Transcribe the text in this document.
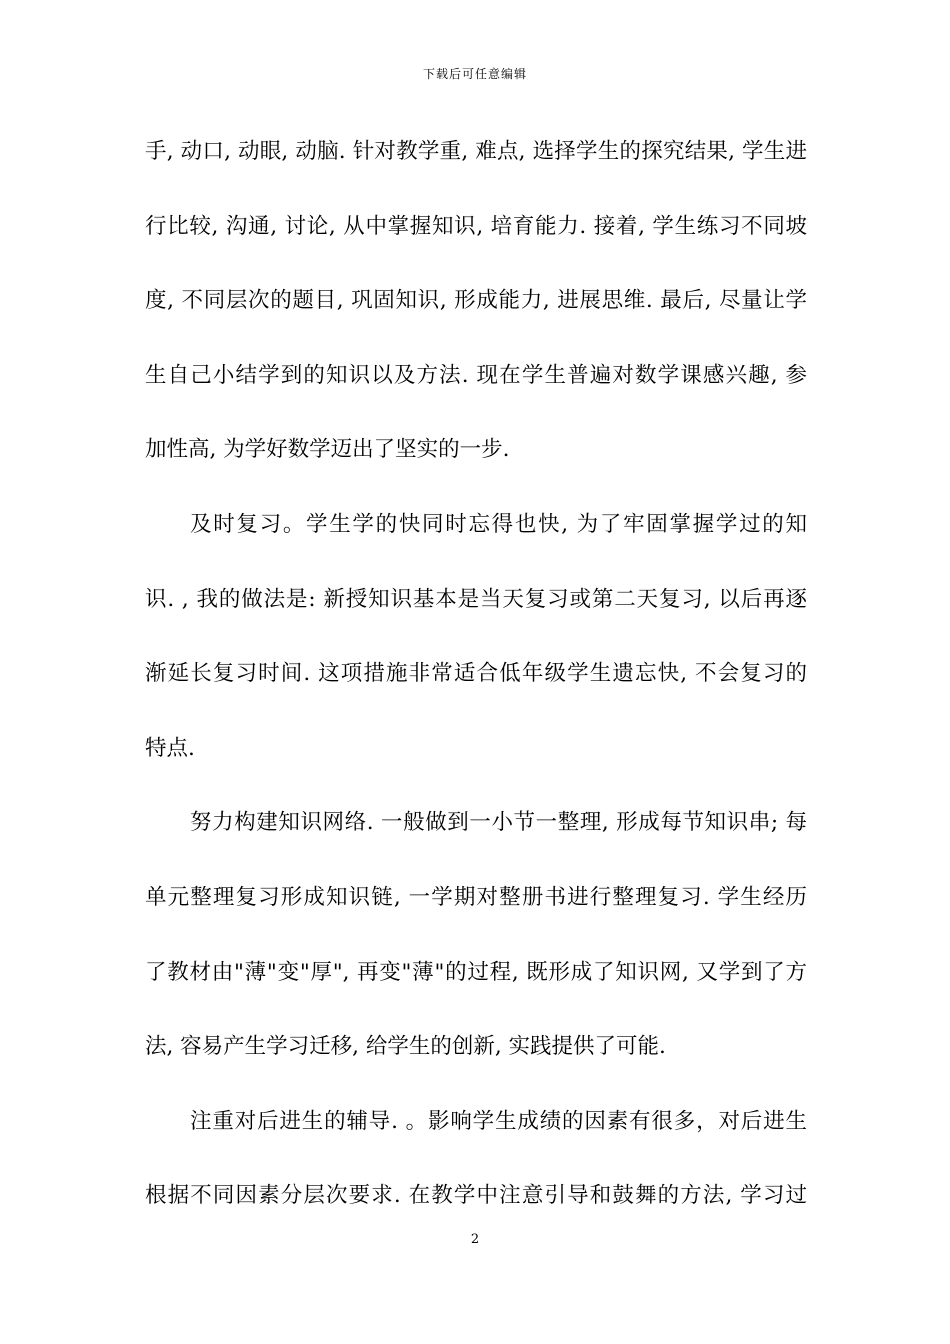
下载后可任意编辑
手, 动口, 动眼, 动脑. 针对教学重, 难点, 选择学生的探究结果, 学生进
行比较, 沟通, 讨论, 从中掌握知识, 培育能力. 接着, 学生练习不同坡
度, 不同层次的题目, 巩固知识, 形成能力, 进展思维. 最后, 尽量让学
生自己小结学到的知识以及方法. 现在学生普遍对数学课感兴趣, 参
加性高, 为学好数学迈出了坚实的一步.
及时复习。学生学的快同时忘得也快, 为了牢固掌握学过的知
识. , 我的做法是: 新授知识基本是当天复习或第二天复习, 以后再逐
渐延长复习时间. 这项措施非常适合低年级学生遗忘快, 不会复习的
特点.
努力构建知识网络. 一般做到一小节一整理, 形成每节知识串; 每
单元整理复习形成知识链, 一学期对整册书进行整理复习. 学生经历
了教材由"薄"变"厚", 再变"薄"的过程, 既形成了知识网, 又学到了方
法, 容易产生学习迁移, 给学生的创新, 实践提供了可能.
注重对后进生的辅导. 。影响学生成绩的因素有很多，对后进生
根据不同因素分层次要求. 在教学中注意引导和鼓舞的方法, 学习过
2
